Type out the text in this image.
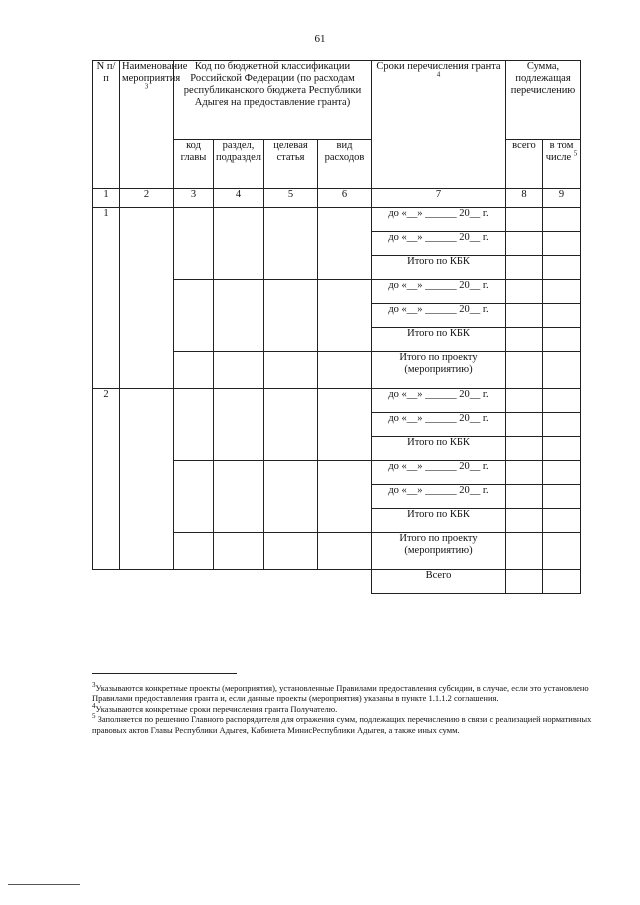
61
N п/п	Наименование мероприятия $^3$	Код по бюджетной классификации Российской Федерации (по расходам республиканского бюджета Республики Адыгея на предоставление гранта)				Сроки перечисления гранта $^4$	Сумма, подлежащая перечислению	
		код главы	раздел, подраздел	целевая статья	вид расходов		всего	в том числе $^5$
1	2	3	4	5	6	7	8	9
1						до «__» ______ 20__ г.		
						до «__» ______ 20__ г.		
						Итого по КБК		
						до «__» ______ 20__ г.		
						до «__» ______ 20__ г.		
						Итого по КБК		
						Итого по проекту (мероприятию)		

2						до «__» ______ 20__ г.		
						до «__» ______ 20__ г.		
						Итого по КБК		
						до «__» ______ 20__ г.		
						до «__» ______ 20__ г.		
						Итого по КБК		
						Итого по проекту (мероприятию)		
						Всего		

$^3$Указываются конкретные проекты (мероприятия), установленные Правилами предоставления субсидии, в случае, если это установлено Правилами предоставления гранта и, если данные проекты (мероприятия) указаны в пункте 1.1.1.2 соглашения.

$^4$Указываются конкретные сроки перечисления гранта Получателю.

$^5$ Заполняется по решению Главного распорядителя для отражения сумм, подлежащих перечислению в связи с реализацией нормативных правовых актов Главы Республики Адыгея, Кабинета МинисРеспублики Адыгея, а также иных сумм.
